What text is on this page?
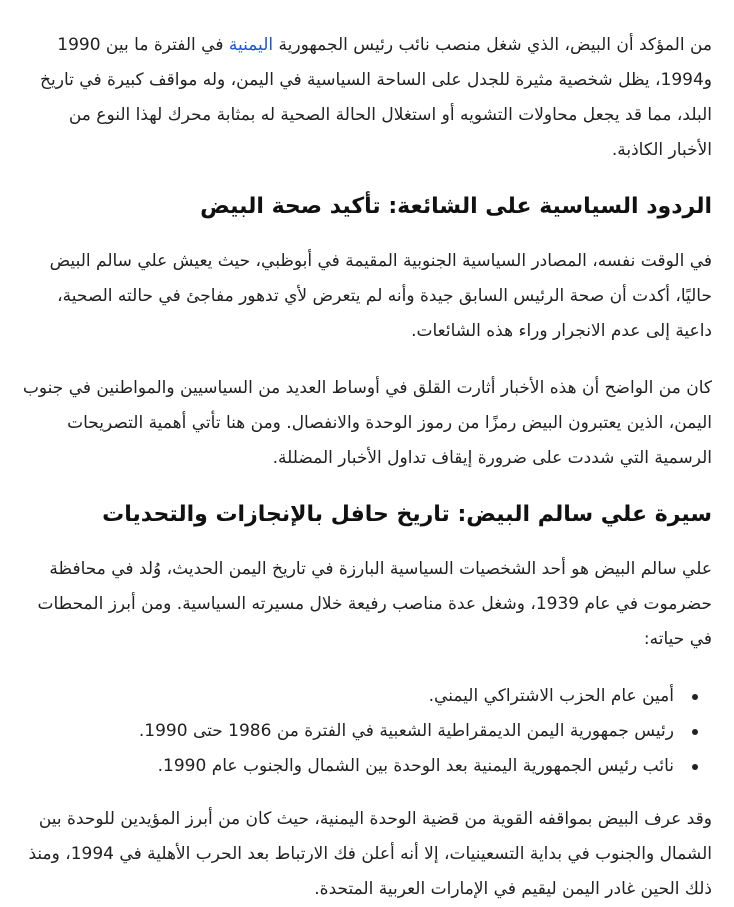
من المؤكد أن البيض، الذي شغل منصب نائب رئيس الجمهورية اليمنية في الفترة ما بين 1990 و1994، يظل شخصية مثيرة للجدل على الساحة السياسية في اليمن، وله مواقف كبيرة في تاريخ البلد، مما قد يجعل محاولات التشويه أو استغلال الحالة الصحية له بمثابة محرك لهذا النوع من الأخبار الكاذبة.

الردود السياسية على الشائعة: تأكيد صحة البيض

في الوقت نفسه، المصادر السياسية الجنوبية المقيمة في أبوظبي، حيث يعيش علي سالم البيض حاليًا، أكدت أن صحة الرئيس السابق جيدة وأنه لم يتعرض لأي تدهور مفاجئ في حالته الصحية، داعية إلى عدم الانجرار وراء هذه الشائعات.

كان من الواضح أن هذه الأخبار أثارت القلق في أوساط العديد من السياسيين والمواطنين في جنوب اليمن، الذين يعتبرون البيض رمزًا من رموز الوحدة والانفصال. ومن هنا تأتي أهمية التصريحات الرسمية التي شددت على ضرورة إيقاف تداول الأخبار المضللة.

سيرة علي سالم البيض: تاريخ حافل بالإنجازات والتحديات

علي سالم البيض هو أحد الشخصيات السياسية البارزة في تاريخ اليمن الحديث، وُلد في محافظة حضرموت في عام 1939، وشغل عدة مناصب رفيعة خلال مسيرته السياسية. ومن أبرز المحطات في حياته:

أمين عام الحزب الاشتراكي اليمني.
رئيس جمهورية اليمن الديمقراطية الشعبية في الفترة من 1986 حتى 1990.
نائب رئيس الجمهورية اليمنية بعد الوحدة بين الشمال والجنوب عام 1990.

وقد عرف البيض بمواقفه القوية من قضية الوحدة اليمنية، حيث كان من أبرز المؤيدين للوحدة بين الشمال والجنوب في بداية التسعينيات، إلا أنه أعلن فك الارتباط بعد الحرب الأهلية في 1994، ومنذ ذلك الحين غادر اليمن ليقيم في الإمارات العربية المتحدة.
